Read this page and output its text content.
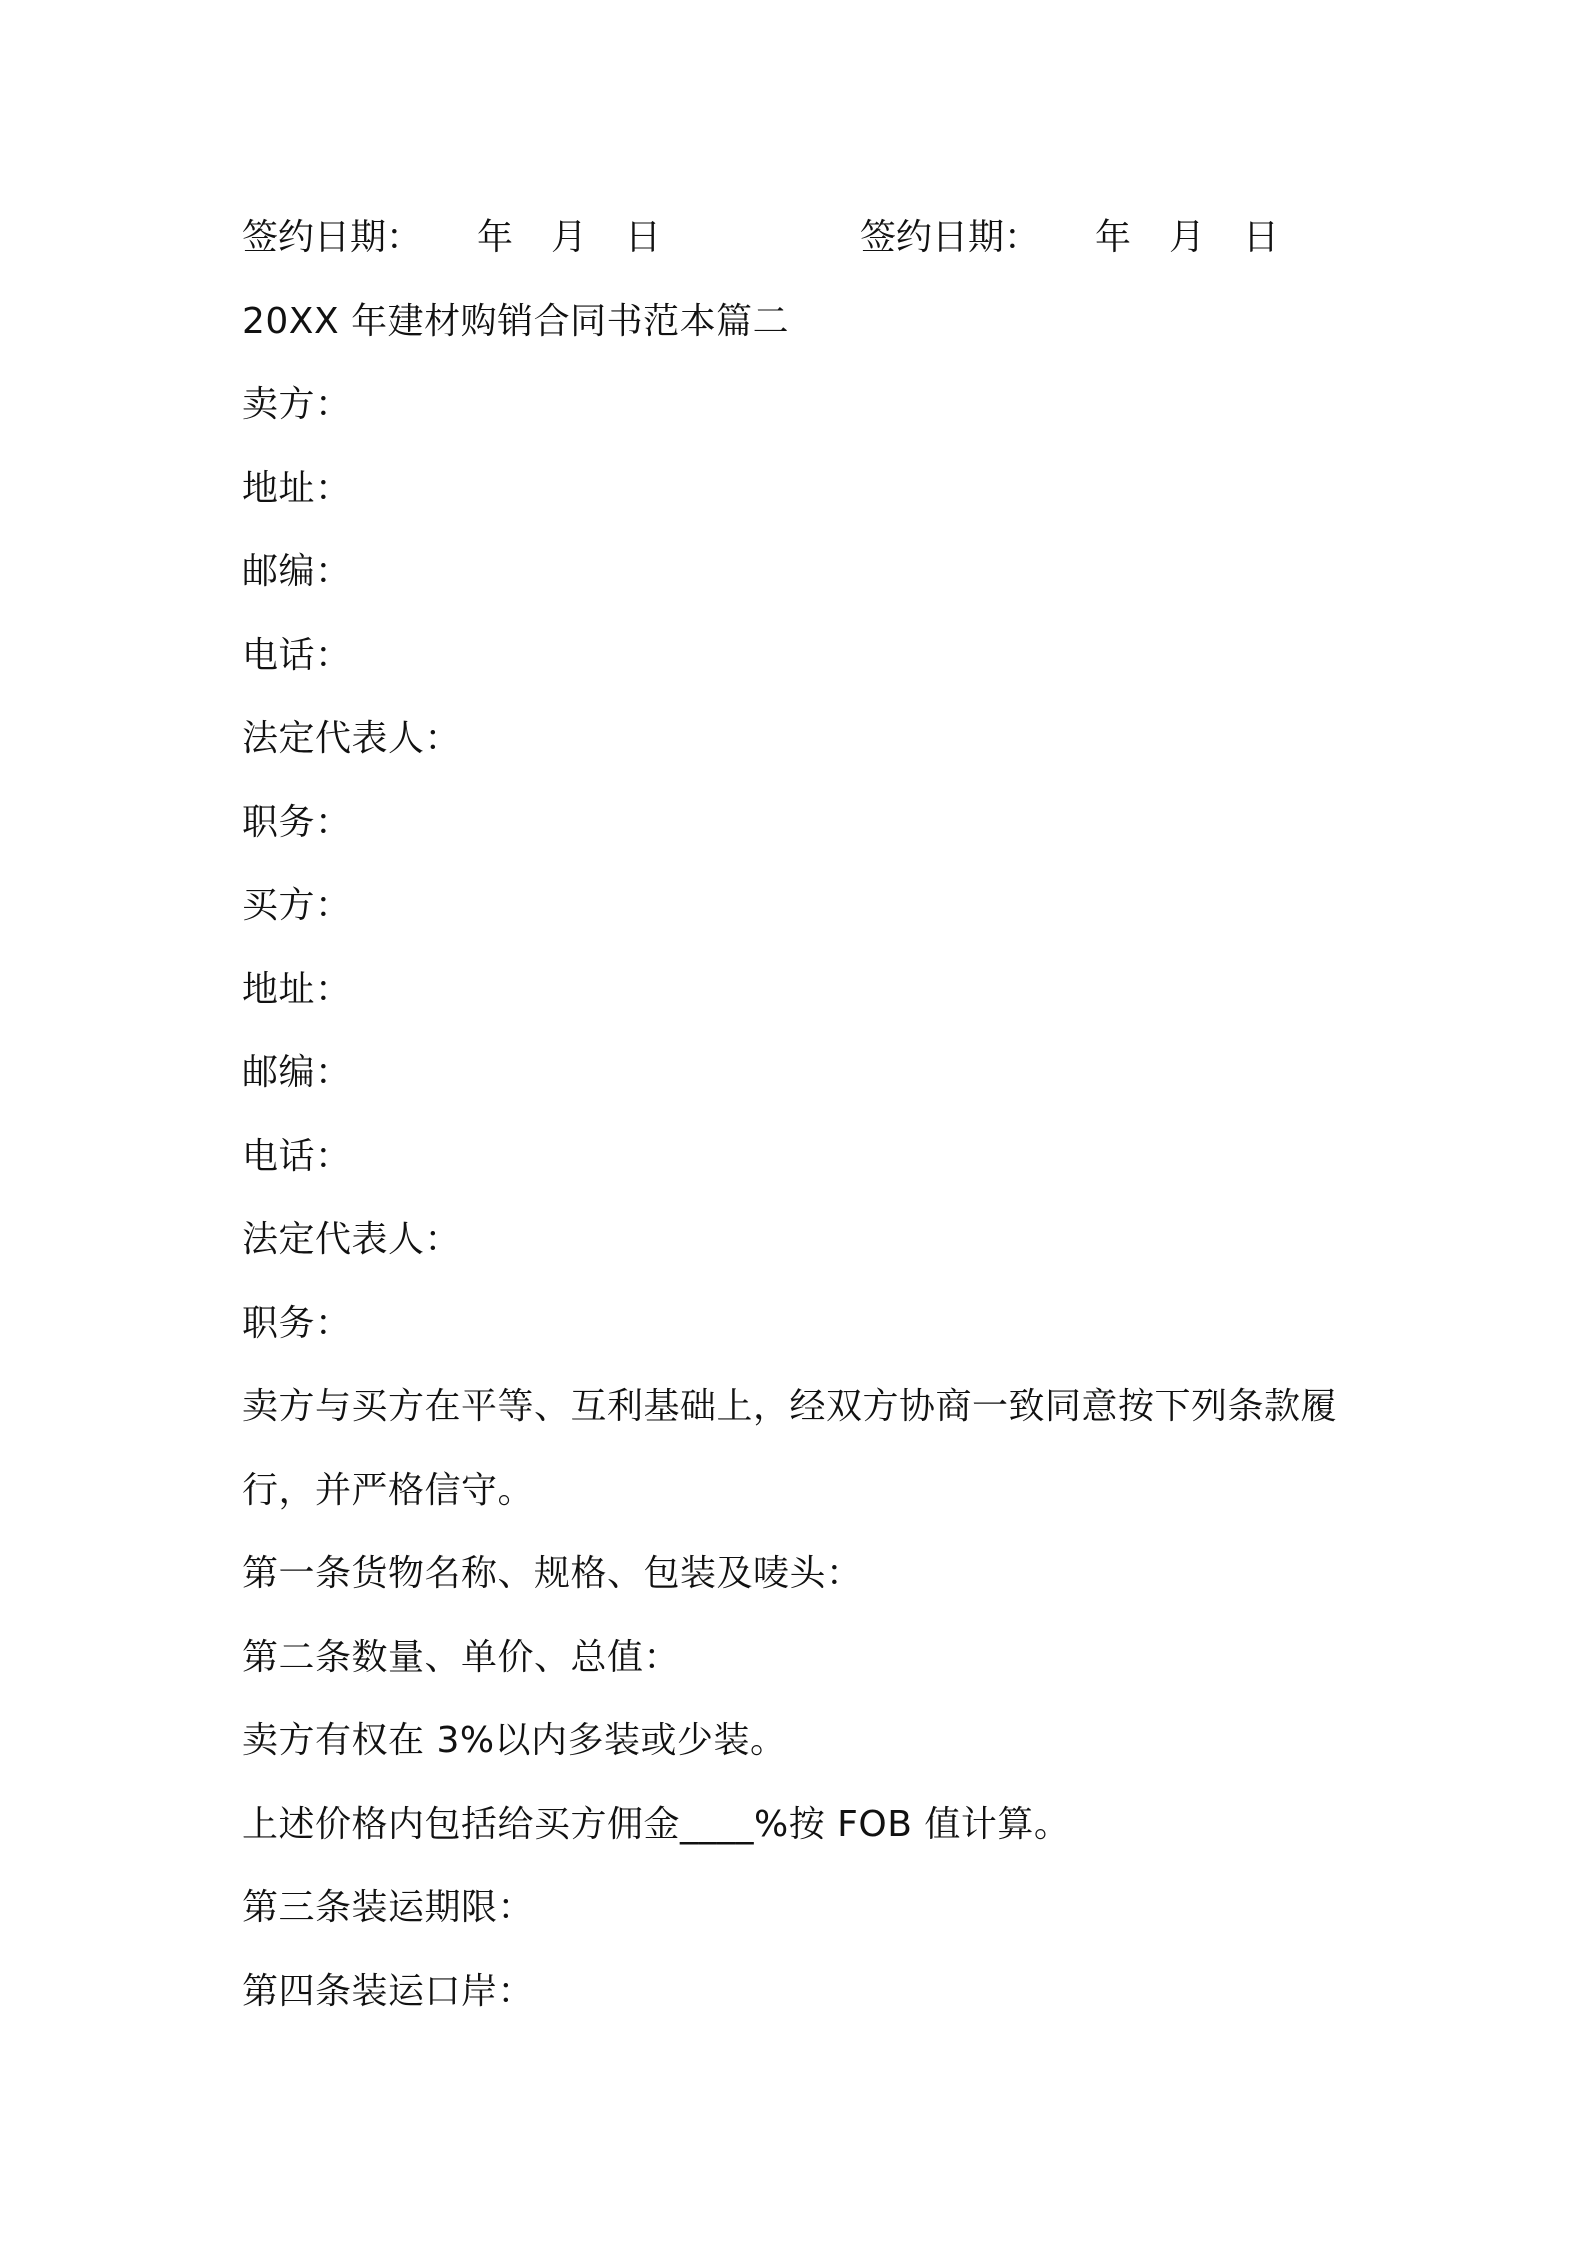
签约日期： 年 月 日	签约日期： 年 月 日
20XX 年建材购销合同书范本篇二
卖方：
地址：
邮编：
电话：
法定代表人：
职务：
买方：
地址：
邮编：
电话：
法定代表人：
职务：
卖方与买方在平等、互利基础上，经双方协商一致同意按下列条款履
行，并严格信守。
第一条货物名称、规格、包装及唛头：
第二条数量、单价、总值：
卖方有权在 3%以内多装或少装。
上述价格内包括给买方佣金____%按 FOB 值计算。
第三条装运期限：
第四条装运口岸：
